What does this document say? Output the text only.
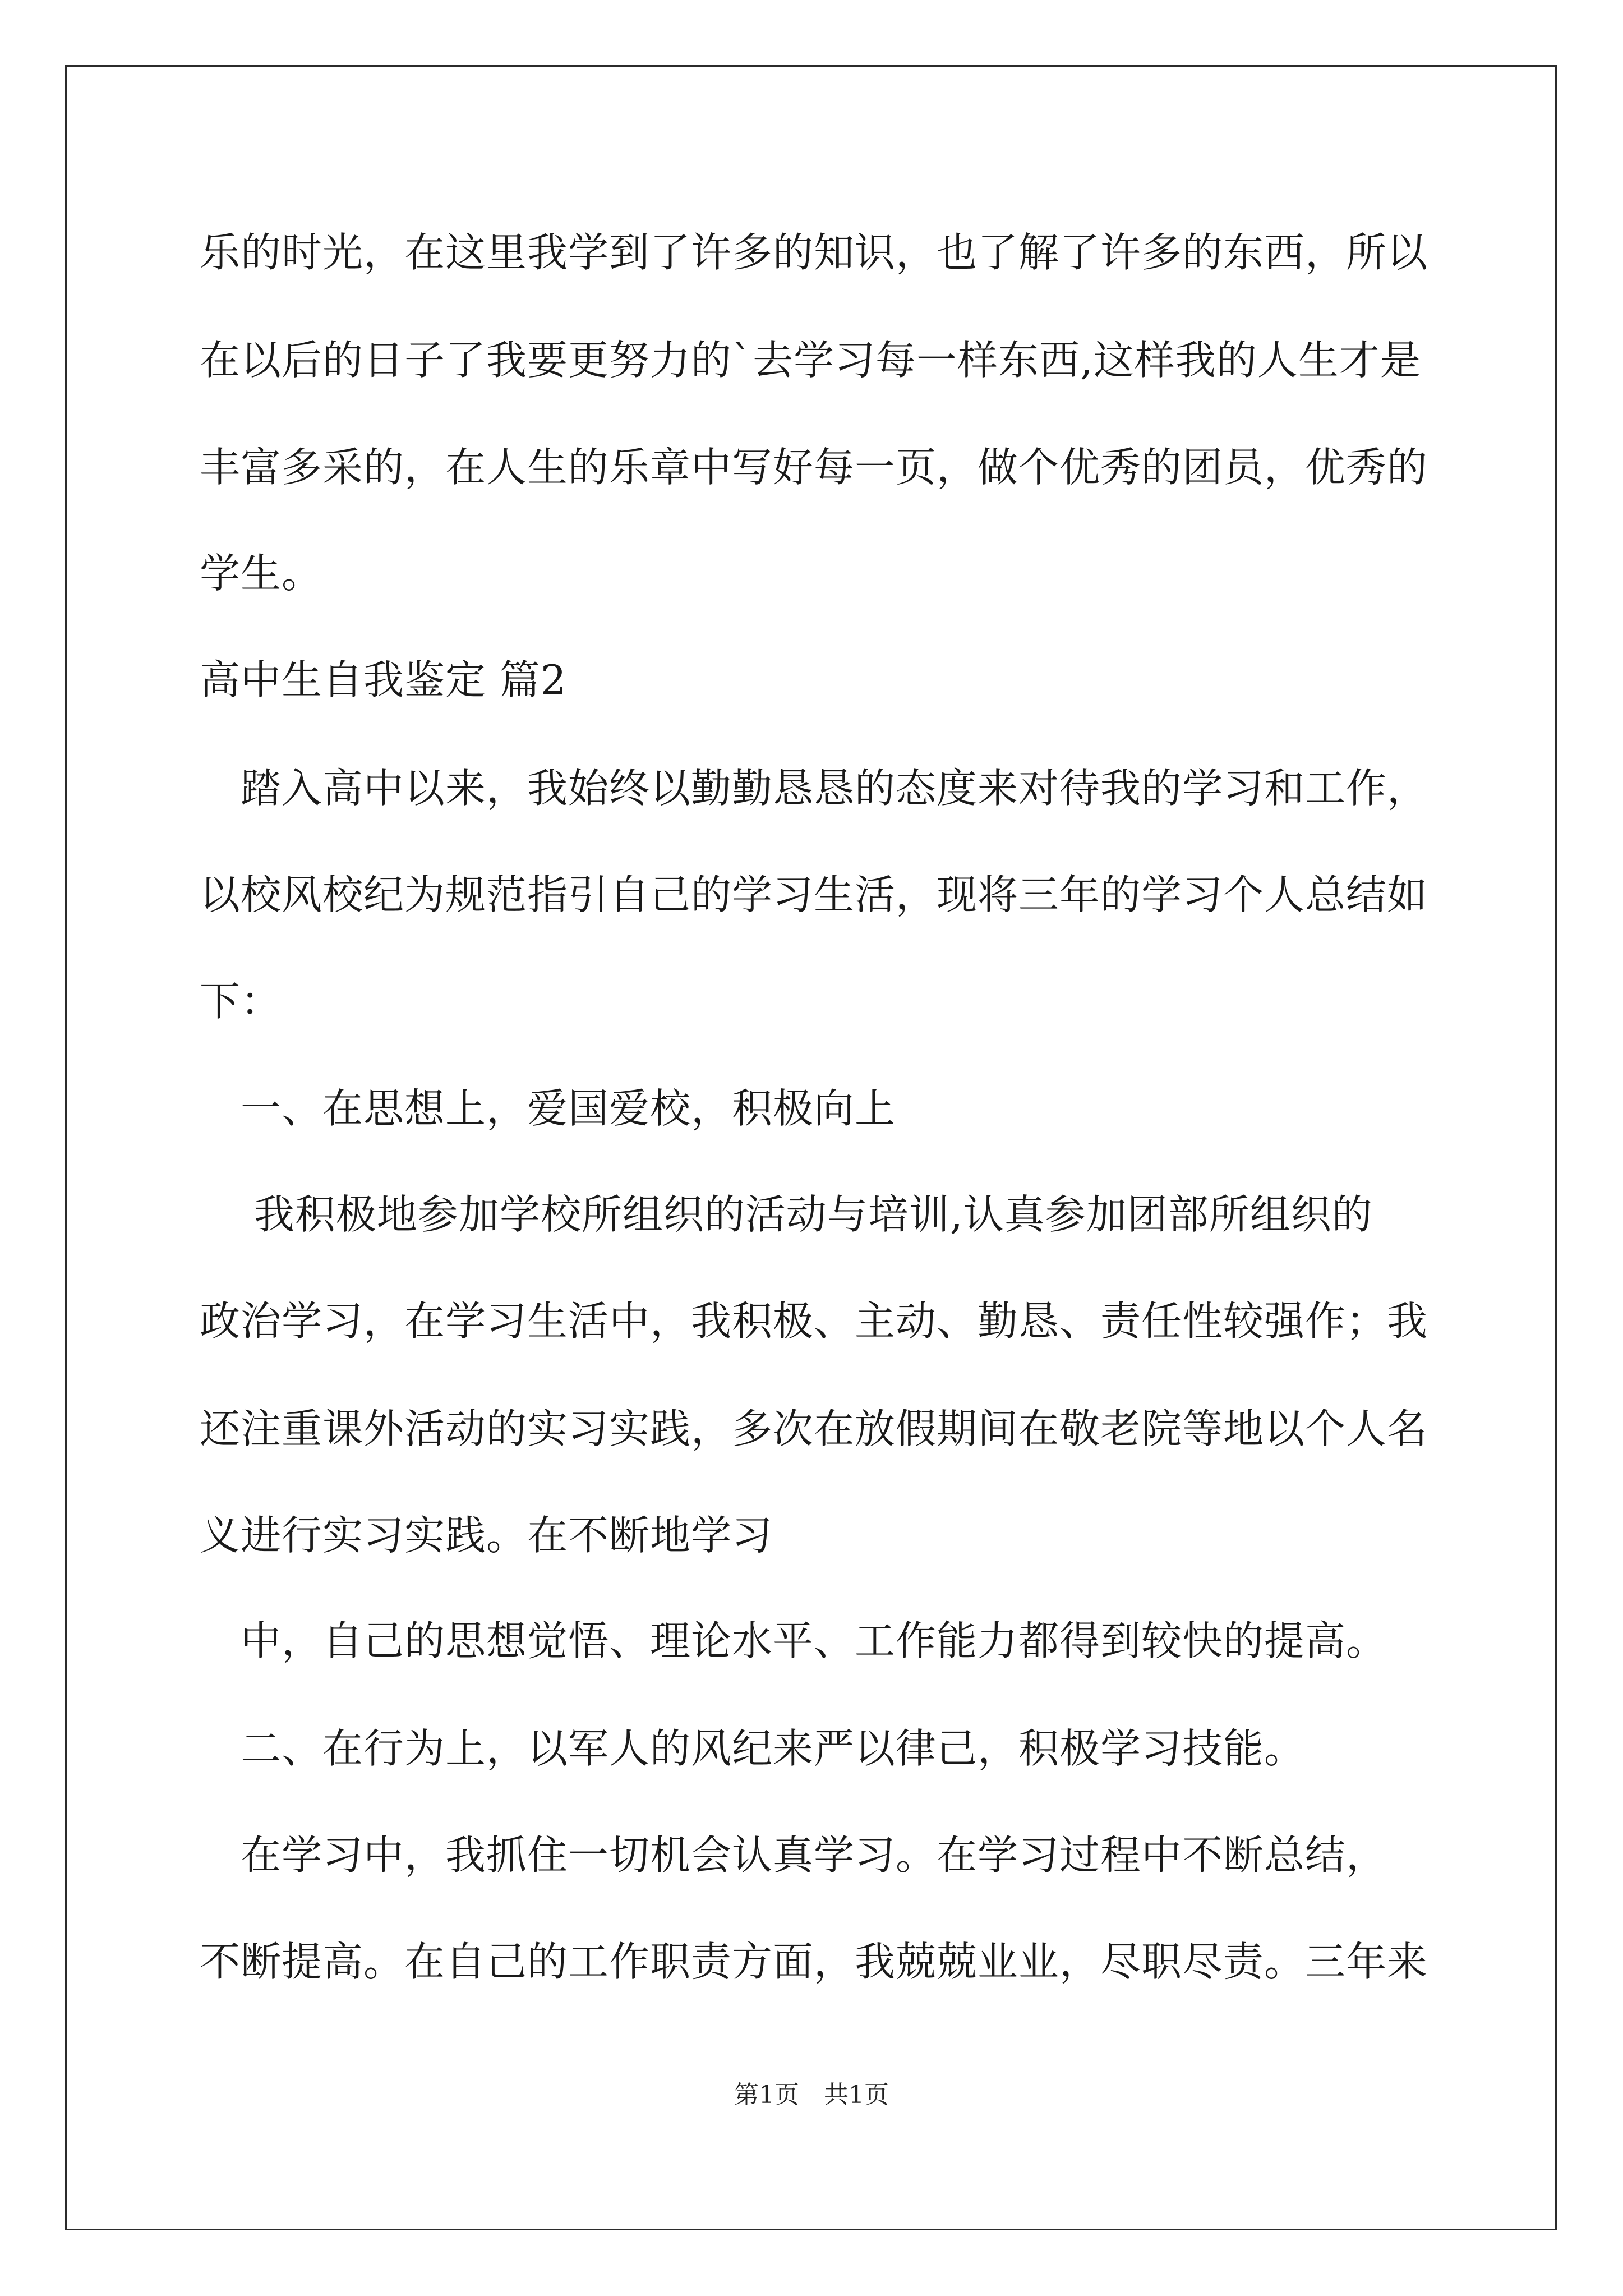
乐的时光，在这里我学到了许多的知识，也了解了许多的东西，所以
在以后的日子了我要更努力的`去学习每一样东西,这样我的人生才是
丰富多采的，在人生的乐章中写好每一页，做个优秀的团员，优秀的
学生。
高中生自我鉴定 篇2
　踏入高中以来，我始终以勤勤恳恳的态度来对待我的学习和工作，
以校风校纪为规范指引自己的学习生活，现将三年的学习个人总结如
下：
　一、在思想上，爱国爱校，积极向上
　 我积极地参加学校所组织的活动与培训,认真参加团部所组织的
政治学习，在学习生活中，我积极、主动、勤恳、责任性较强作；我
还注重课外活动的实习实践，多次在放假期间在敬老院等地以个人名
义进行实习实践。在不断地学习
　中，自己的思想觉悟、理论水平、工作能力都得到较快的提高。
　二、在行为上，以军人的风纪来严以律己，积极学习技能。
　在学习中，我抓住一切机会认真学习。在学习过程中不断总结，
不断提高。在自己的工作职责方面，我兢兢业业，尽职尽责。三年来
第1页　共1页
